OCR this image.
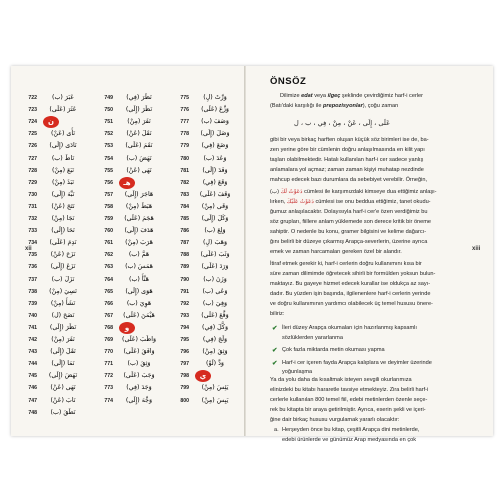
722	عَبَرَ (ب)
723	عَثَرَ (عَلَى)
724	ن
725	نَأَى (عَنْ)
726	نَادَى (إِلَى)
727	نَاطَ (ب)
728	نَبَعَ (مِنْ)
729	نَبَذَ (مِنْ)
730	نَبَّهَ (إِلَى)
731	نَتَجَ (عَنْ)
732	نَجَا (مِنْ)
733	نَحَا (إِلَى)
734	نَدِمَ (عَلَى)
735	نَزَحَ (عَنْ)
736	نَزَعَ (إِلَى)
737	نَزَلَ (ب)
738	نَسِيَ (مِنْ)
739	نَشَأَ (مِنْ)
740	نَصَحَ (ل)
741	نَظَرَ (إِلَى)
742	نَفَرَ (مِنْ)
743	نَقَلَ (إِلَى)
744	نَمَا (إِلَى)
745	نَهَضَ (إِلَى)
746	نَهَى (عَنْ)
747	نَابَ (عَنْ)
748	نَطَقَ (ب)
749	نَظَرَ (فِي)
750	نَظَرَ (إِلَى)
751	نَفَرَ (مِنْ)
752	نَقَلَ (عَنْ)
753	نَقَمَ (عَلَى)
754	نَهَضَ (ب)
755	نَهَى (عَنْ)
756	هـ
757	هَاجَرَ (إِلَى)
758	هَبَطَ (مِنْ)
759	هَجَمَ (عَلَى)
760	هَدَفَ (إِلَى)
761	هَرَبَ (مِنْ)
762	هَمَّ (ب)
763	هَمَسَ (ب)
764	هَنَّأَ (ب)
765	هَوَى (إِلَى)
766	هَوِيَ (ب)
767	هَيْمَنَ (عَلَى)
768	و
769	وَاظَبَ (عَلَى)
770	وَافَقَ (عَلَى)
771	وَثِقَ (ب)
772	وَجَبَ (عَلَى)
773	وَجَدَ (فِي)
774	وَجَّهَ (إِلَى)
775	وَرَّثَ (لِ)
776	وَزَّعَ (عَلَى)
777	وَصَفَ (ب)
778	وَصَلَ (إِلَى)
779	وَضَعَ (فِي)
780	وَعَدَ (ب)
781	وَفَدَ (إِلَى)
782	وَقَعَ (فِي)
783	وَقَفَ (عَلَى)
784	وَقَى (مِنْ)
785	وَكَلَ (إِلَى)
786	وَلِعَ (ب)
787	وَهَبَ (لِ)
788	وَثَبَ (عَلَى)
789	وَرَدَ (عَلَى)
790	وَزَنَ (ب)
791	وَعَى (ب)
792	وَفِيَ (ب)
793	وَقَّعَ (عَلَى)
794	وَكَّلَ (فِي)
795	وَلَجَ (فِي)
796	وَثِقَ (مِنْ)
797	وَدَّ (لَوْ)
798	ي
799	يَئِسَ (مِنْ)
800	يَبِسَ (مِنْ)
xii	xiii
ÖNSÖZ
Dilimize edat veya ilgeç şeklinde çevirdiğimiz harf-i cerler
(Batı'daki karşılığı ile prepozisyonlar), çoğu zaman
عَلَى ، إِلَى ، عَنْ ، مِنْ ، فِي ، ب ، ل
gibi bir veya birkaç harften oluşan küçük söz birimleri ise de, ba-
zen yerine göre bir cümlenin doğru anlaşılmasında en kilit yapı
taşları olabilmektedir. Hatalı kullanılan harf-i cer sadece yanlış
anlamalara yol açmaz; zaman zaman kişiyi muhatap nezdinde
mahcup edecek bazı durumlara da sebebiyet verebilir. Örneğin,
(ب) دَعَوْتُ لَكَ cümlesi ile karşımızdaki kimseye dua ettiğimiz anlaşı-
lırken, دَعَوْتُ عَلَيْكَ cümlesi ise onu beddua ettiğimiz, tanet okudu-
ğumuz anlaşılacaktır. Dolayısıyla harf-i cer'e özen verdiğimiz bu
söz grupları, fiillere anlam yüklemede son derece kritik bir öneme
sahiptir. O nedenle bu konu, gramer bilgisini ve kelime dağarcı-
ğını belirli bir düzeye çıkarmış Arapça-severlerin, üzerine ayrıca
emek ve zaman harcamaları gereken özel bir alandır.
İtiraf etmek gerekir ki, harf-i cerlerin doğru kullanımını kısa bir
süre zaman dilimimde öğretecek sihirli bir formülden yoksun bulun-
maktayız. Bu gayeye hizmet edecek kurallar ise oldukça az sayı-
dadır. Bu yüzden işin başında, ilgilenenlere harf-i cerlerin yerinde
ve doğru kullanımının yardımcı olabilecek üç temel hususu önere-
biliriz:
✔ İleri düzey Arapça okumaları için hazırlanmış kapsamlı
sözlüklerden yararlanma
✔ Çok fazla miktarda metin okuması yapma
✔ Harf-i cer içeren fayda Arapça kalıplara ve deyimler üzerinde
yoğunlaşma
Ya da yolu daha da kısaltmak isteyen sevgili okurlarımıza
elinizdeki bu kitabı hararetle tavsiye etmekteyiz. Zira belirli harf-i
cerlerle kullanılan 800 temel fiil, edebi metinlerden özenle seçe-
rek bu kitapta bir araya getirilmiştir. Ayrıca, eserin şekli ve içeri-
ğine dair birkaç hususu vurgulamak yararlı olacaktır:
a. Herşeyden önce bu kitap, çeşitli Arapça dini metinlerde,
edebi ürünlerde ve günümüz Arap medyasında en çok
